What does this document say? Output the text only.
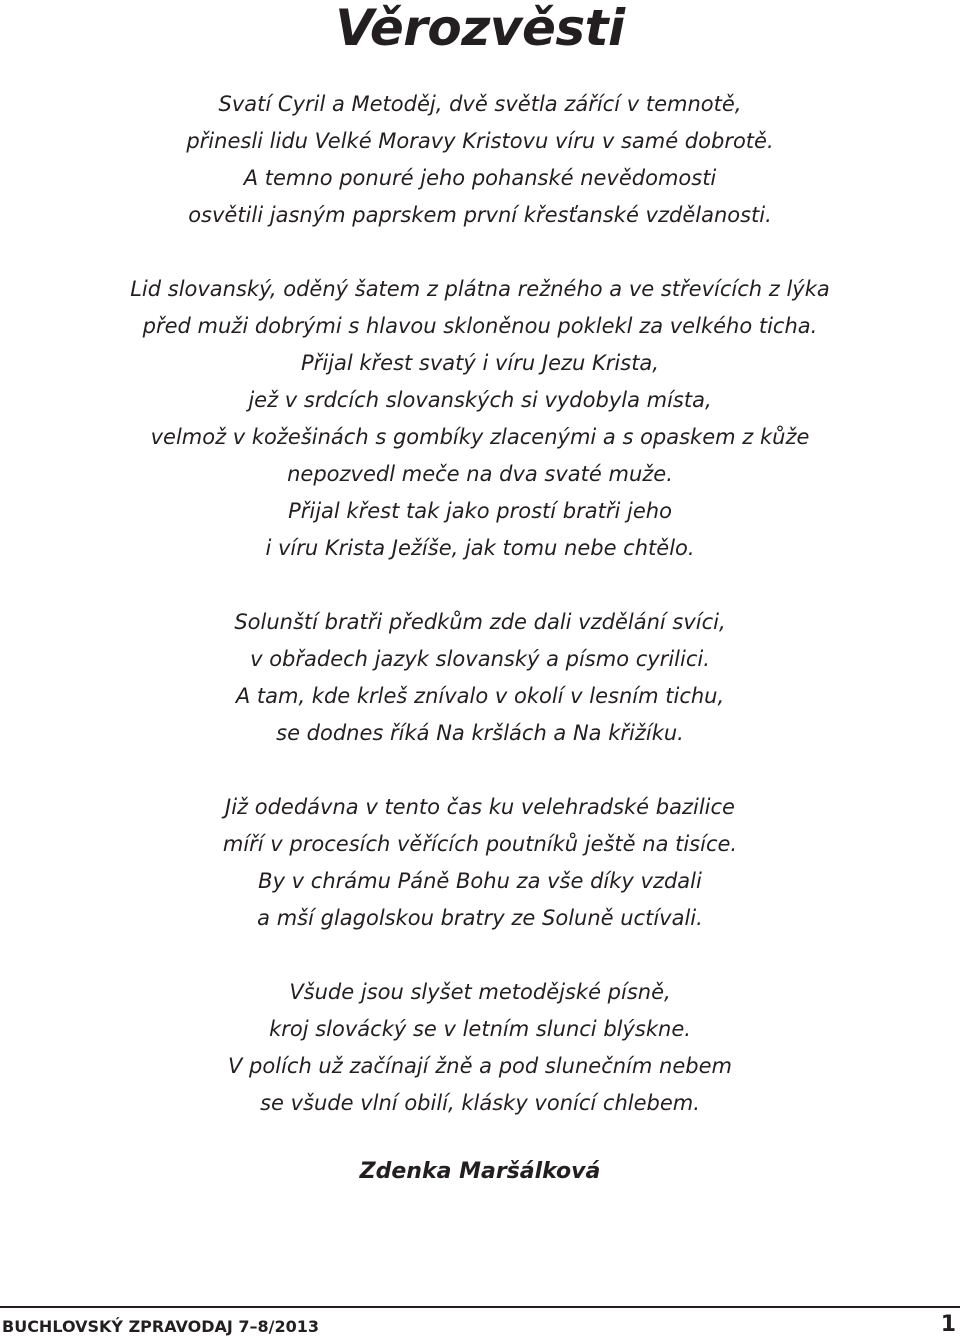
Věrozvěsti

Svatí Cyril a Metoděj, dvě světla zářící v temnotě,
přinesli lidu Velké Moravy Kristovu víru v samé dobrotě.
A temno ponuré jeho pohanské nevědomosti
osvětili jasným paprskem první křesťanské vzdělanosti.

Lid slovanský, oděný šatem z plátna režného a ve střevících z lýka
před muži dobrými s hlavou skloněnou poklekl za velkého ticha.
Přijal křest svatý i víru Jezu Krista,
jež v srdcích slovanských si vydobyla místa,
velmož v kožešinách s gombíky zlacenými a s opaskem z kůže
nepozvedl meče na dva svaté muže.
Přijal křest tak jako prostí bratři jeho
i víru Krista Ježíše, jak tomu nebe chtělo.

Solunští bratři předkům zde dali vzdělání svíci,
v obřadech jazyk slovanský a písmo cyrilici.
A tam, kde krleš znívalo v okolí v lesním tichu,
se dodnes říká Na kršlách a Na křižíku.

Již odedávna v tento čas ku velehradské bazilice
míří v procesích věřících poutníků ještě na tisíce.
By v chrámu Páně Bohu za vše díky vzdali
a mší glagolskou bratry ze Soluně uctívali.

Všude jsou slyšet metodějské písně,
kroj slovácký se v letním slunci blýskne.
V polích už začínají žně a pod slunečním nebem
se všude vlní obilí, klásky vonící chlebem.

Zdenka Maršálková

BUCHLOVSKÝ ZPRAVODAJ 7–8/2013	1
